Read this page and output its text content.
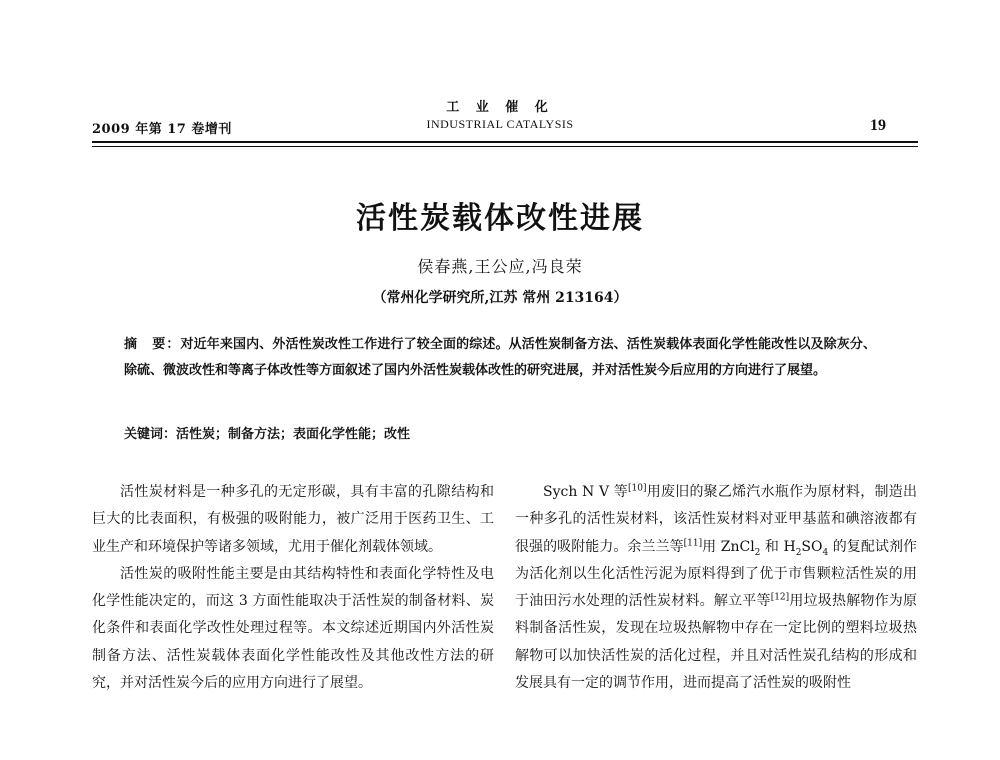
2009 年第 17 卷增刊
工 业 催 化
INDUSTRIAL CATALYSIS	19
活性炭载体改性进展
侯春燕,王公应,冯良荣
（常州化学研究所,江苏 常州 213164）
摘　要：对近年来国内、外活性炭改性工作进行了较全面的综述。从活性炭制备方法、活性炭载体表面化学性能改性以及除灰分、除硫、微波改性和等离子体改性等方面叙述了国内外活性炭载体改性的研究进展，并对活性炭今后应用的方向进行了展望。
关键词：活性炭；制备方法；表面化学性能；改性

活性炭材料是一种多孔的无定形碳，具有丰富的孔隙结构和巨大的比表面积，有极强的吸附能力，被广泛用于医药卫生、工业生产和环境保护等诸多领域，尤用于催化剂载体领域。

活性炭的吸附性能主要是由其结构特性和表面化学特性及电化学性能决定的，而这 3 方面性能取决于活性炭的制备材料、炭化条件和表面化学改性处理过程等。本文综述近期国内外活性炭制备方法、活性炭载体表面化学性能改性及其他改性方法的研究，并对活性炭今后的应用方向进行了展望。

Sych N V 等[10]用废旧的聚乙烯汽水瓶作为原材料，制造出一种多孔的活性炭材料，该活性炭材料对亚甲基蓝和碘溶液都有很强的吸附能力。余兰兰等[11]用 ZnCl$_2$ 和 $H_2SO_4$ 的复配试剂作为活化剂以生化活性污泥为原料得到了优于市售颗粒活性炭的用于油田污水处理的活性炭材料。解立平等[12]用垃圾热解物作为原料制备活性炭，发现在垃圾热解物中存在一定比例的塑料垃圾热解物可以加快活性炭的活化过程，并且对活性炭孔结构的形成和发展具有一定的调节作用，进而提高了活性炭的吸附性
